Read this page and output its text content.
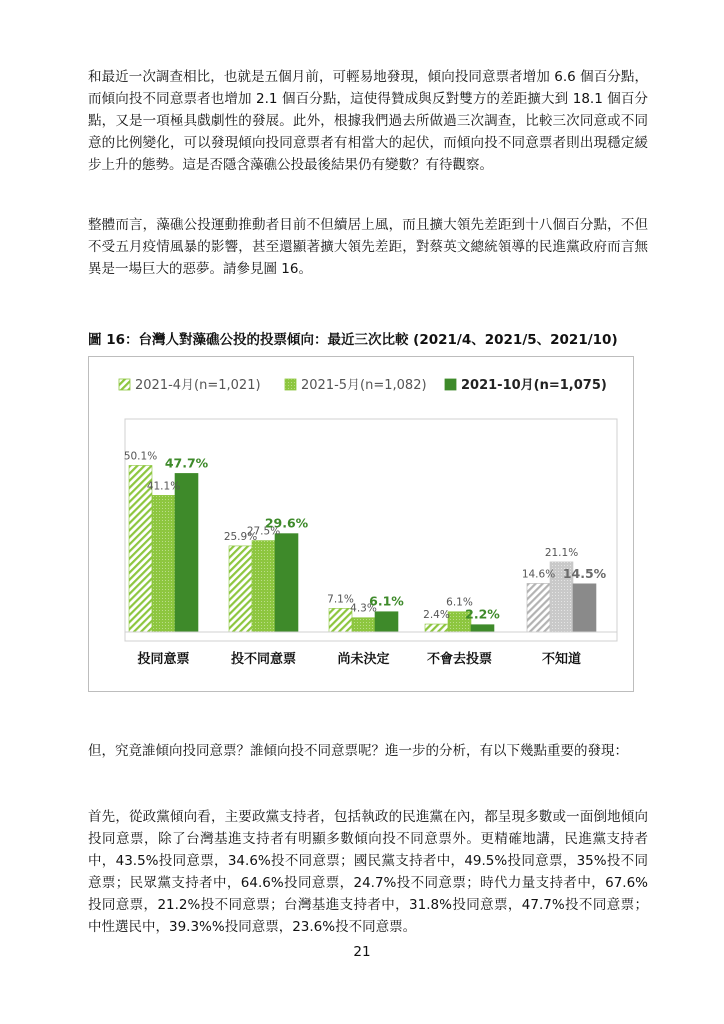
和最近一次調查相比，也就是五個月前，可輕易地發現，傾向投同意票者增加 6.6 個百分點，而傾向投不同意票者也增加 2.1 個百分點，這使得贊成與反對雙方的差距擴大到 18.1 個百分點，又是一項極具戲劇性的發展。此外，根據我們過去所做過三次調查，比較三次同意或不同意的比例變化，可以發現傾向投同意票者有相當大的起伏，而傾向投不同意票者則出現穩定緩步上升的態勢。這是否隱含藻礁公投最後結果仍有變數？有待觀察。

整體而言，藻礁公投運動推動者目前不但續居上風，而且擴大領先差距到十八個百分點，不但不受五月疫情風暴的影響，甚至還顯著擴大領先差距，對蔡英文總統領導的民進黨政府而言無異是一場巨大的惡夢。請參見圖 16。

圖 16：台灣人對藻礁公投的投票傾向：最近三次比較 (2021/4、2021/5、2021/10)
2021-4月(n=1,021)	2021-5月(n=1,082)	2021-10月(n=1,075)
50.1%
41.1%
47.7%
25.9%
27.5%
29.6%
7.1%
4.3%
6.1%
2.4%
6.1%
2.2%
14.6%
21.1%
14.5%
投同意票	投不同意票	尚未決定	不會去投票	不知道

但，究竟誰傾向投同意票？誰傾向投不同意票呢？進一步的分析，有以下幾點重要的發現：

首先，從政黨傾向看，主要政黨支持者，包括執政的民進黨在內，都呈現多數或一面倒地傾向投同意票，除了台灣基進支持者有明顯多數傾向投不同意票外。更精確地講，民進黨支持者中，43.5%投同意票，34.6%投不同意票；國民黨支持者中，49.5%投同意票，35%投不同意票；民眾黨支持者中，64.6%投同意票，24.7%投不同意票；時代力量支持者中，67.6%投同意票，21.2%投不同意票；台灣基進支持者中，31.8%投同意票，47.7%投不同意票；中性選民中，39.3%%投同意票，23.6%投不同意票。

21
